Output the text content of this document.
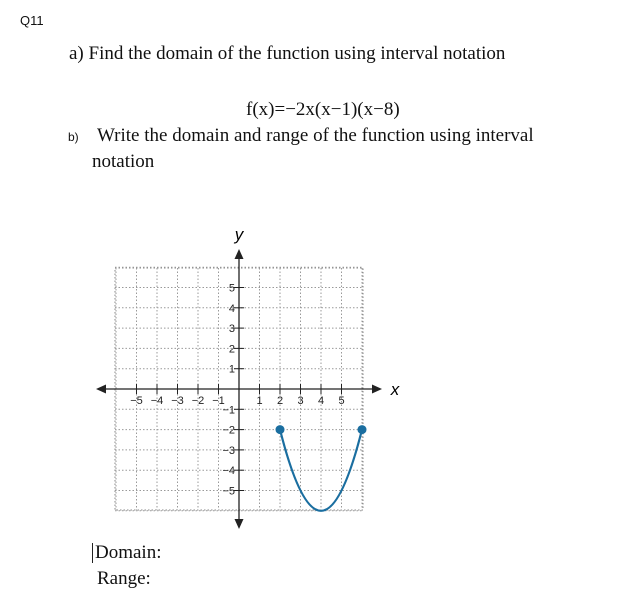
Q11
a) Find the domain of the function using interval notation
f(x)=−2x(x−1)(x−8)
b) Write the domain and range of the function using interval
notation
x
y
−5 −4 −3 −2 −1	1 2 3 4 5
5
4
3
2
1
−1
−2
−3
−4
−5
Domain:
Range:
